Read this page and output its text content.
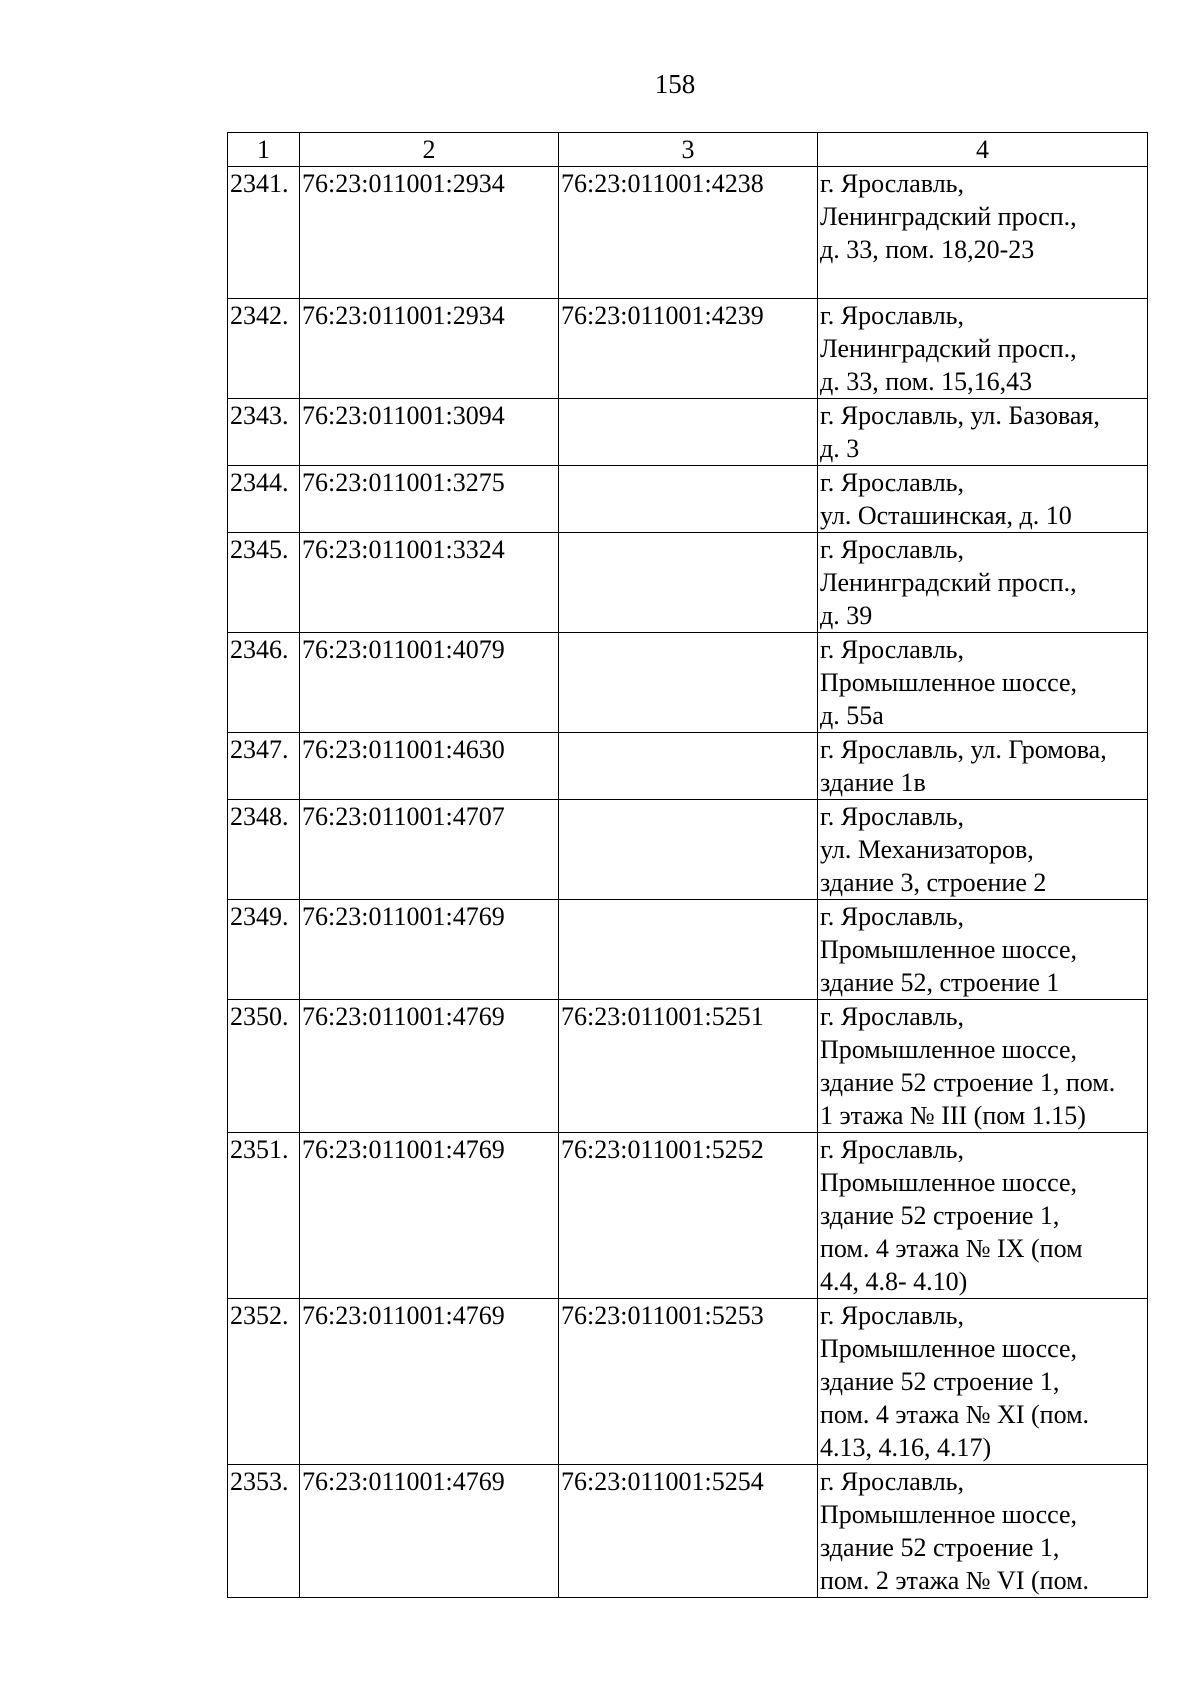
158
1	2	3	4
2341.	76:23:011001:2934	76:23:011001:4238	г. Ярославль,
Ленинградский просп.,
д. 33, пом. 18,20-23

2342.	76:23:011001:2934	76:23:011001:4239	г. Ярославль,
Ленинградский просп.,
д. 33, пом. 15,16,43

2343.	76:23:011001:3094		г. Ярославль, ул. Базовая,
д. 3

2344.	76:23:011001:3275		г. Ярославль,
ул. Осташинская, д. 10

2345.	76:23:011001:3324		г. Ярославль,
Ленинградский просп.,
д. 39

2346.	76:23:011001:4079		г. Ярославль,
Промышленное шоссе,
д. 55а

2347.	76:23:011001:4630		г. Ярославль, ул. Громова,
здание 1в

2348.	76:23:011001:4707		г. Ярославль,
ул. Механизаторов,
здание 3, строение 2

2349.	76:23:011001:4769		г. Ярославль,
Промышленное шоссе,
здание 52, строение 1

2350.	76:23:011001:4769	76:23:011001:5251	г. Ярославль,
Промышленное шоссе,
здание 52 строение 1, пом.
1 этажа № III (пом 1.15)

2351.	76:23:011001:4769	76:23:011001:5252	г. Ярославль,
Промышленное шоссе,
здание 52 строение 1,
пом. 4 этажа № IX (пом
4.4, 4.8- 4.10)

2352.	76:23:011001:4769	76:23:011001:5253	г. Ярославль,
Промышленное шоссе,
здание 52 строение 1,
пом. 4 этажа № XI (пом.
4.13, 4.16, 4.17)

2353.	76:23:011001:4769	76:23:011001:5254	г. Ярославль,
Промышленное шоссе,
здание 52 строение 1,
пом. 2 этажа № VI (пом.
